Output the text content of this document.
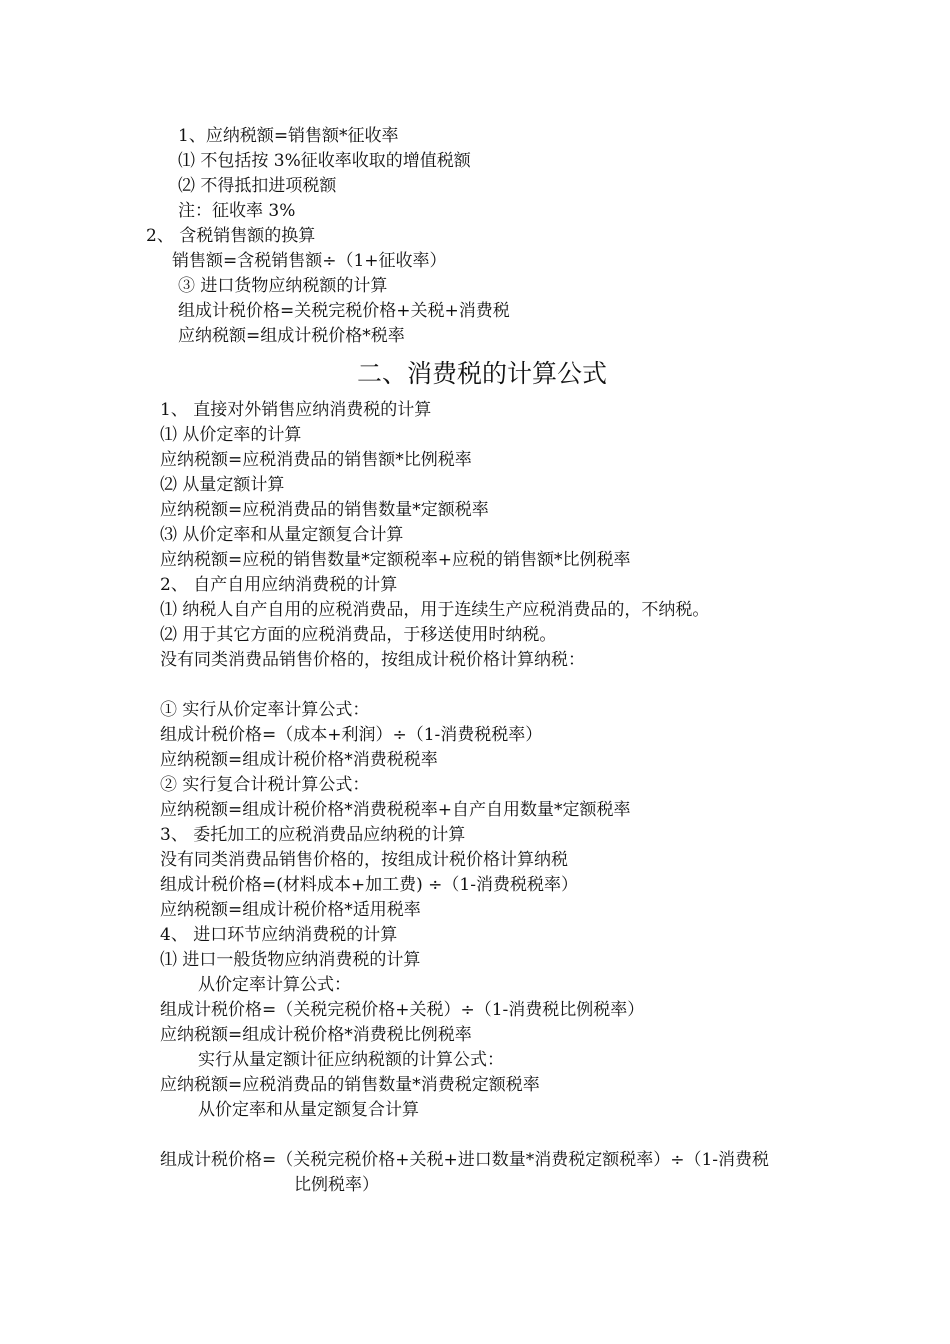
1、应纳税额=销售额*征收率
⑴ 不包括按 3%征收率收取的增值税额
⑵ 不得抵扣进项税额
注：征收率 3%
2、 含税销售额的换算
销售额=含税销售额÷（1+征收率）
③ 进口货物应纳税额的计算
组成计税价格=关税完税价格+关税+消费税
应纳税额=组成计税价格*税率
二、消费税的计算公式
1、 直接对外销售应纳消费税的计算
⑴ 从价定率的计算
应纳税额=应税消费品的销售额*比例税率
⑵ 从量定额计算
应纳税额=应税消费品的销售数量*定额税率
⑶ 从价定率和从量定额复合计算
应纳税额=应税的销售数量*定额税率+应税的销售额*比例税率
2、 自产自用应纳消费税的计算
⑴ 纳税人自产自用的应税消费品，用于连续生产应税消费品的，不纳税。
⑵ 用于其它方面的应税消费品，于移送使用时纳税。
没有同类消费品销售价格的，按组成计税价格计算纳税：
① 实行从价定率计算公式：
组成计税价格=（成本+利润）÷（1-消费税税率）
应纳税额=组成计税价格*消费税税率
② 实行复合计税计算公式：
应纳税额=组成计税价格*消费税税率+自产自用数量*定额税率
3、 委托加工的应税消费品应纳税的计算
没有同类消费品销售价格的，按组成计税价格计算纳税
组成计税价格=(材料成本+加工费) ÷（1-消费税税率）
应纳税额=组成计税价格*适用税率
4、 进口环节应纳消费税的计算
⑴ 进口一般货物应纳消费税的计算
从价定率计算公式：
组成计税价格=（关税完税价格+关税）÷（1-消费税比例税率）
应纳税额=组成计税价格*消费税比例税率
实行从量定额计征应纳税额的计算公式：
应纳税额=应税消费品的销售数量*消费税定额税率
从价定率和从量定额复合计算
组成计税价格=（关税完税价格+关税+进口数量*消费税定额税率）÷（1-消费税
比例税率）
